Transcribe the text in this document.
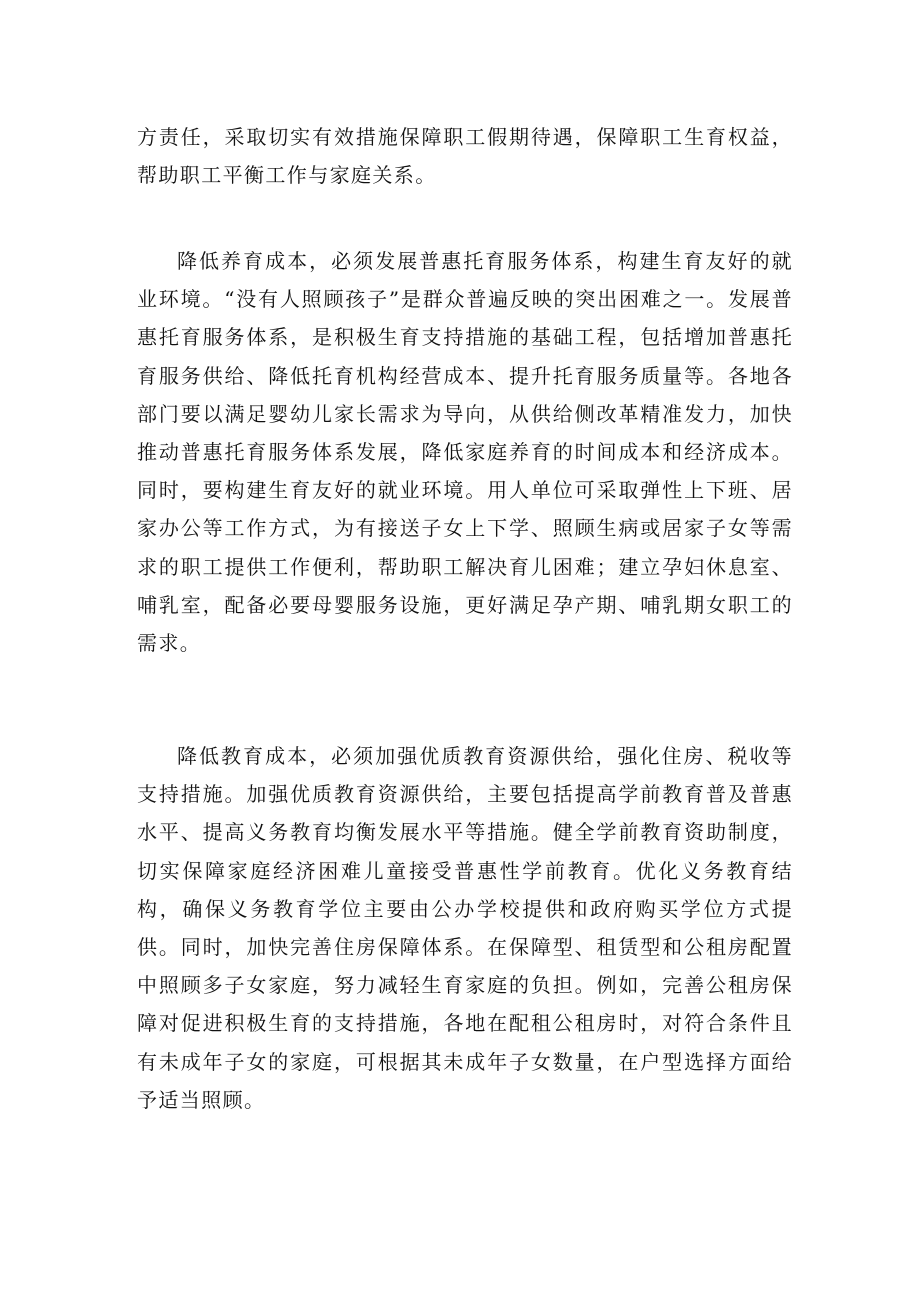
方责任，采取切实有效措施保障职工假期待遇，保障职工生育权益，帮助职工平衡工作与家庭关系。

降低养育成本，必须发展普惠托育服务体系，构建生育友好的就业环境。“没有人照顾孩子”是群众普遍反映的突出困难之一。发展普惠托育服务体系，是积极生育支持措施的基础工程，包括增加普惠托育服务供给、降低托育机构经营成本、提升托育服务质量等。各地各部门要以满足婴幼儿家长需求为导向，从供给侧改革精准发力，加快推动普惠托育服务体系发展，降低家庭养育的时间成本和经济成本。同时，要构建生育友好的就业环境。用人单位可采取弹性上下班、居家办公等工作方式，为有接送子女上下学、照顾生病或居家子女等需求的职工提供工作便利，帮助职工解决育儿困难；建立孕妇休息室、哺乳室，配备必要母婴服务设施，更好满足孕产期、哺乳期女职工的需求。

降低教育成本，必须加强优质教育资源供给，强化住房、税收等支持措施。加强优质教育资源供给，主要包括提高学前教育普及普惠水平、提高义务教育均衡发展水平等措施。健全学前教育资助制度，切实保障家庭经济困难儿童接受普惠性学前教育。优化义务教育结构，确保义务教育学位主要由公办学校提供和政府购买学位方式提供。同时，加快完善住房保障体系。在保障型、租赁型和公租房配置中照顾多子女家庭，努力减轻生育家庭的负担。例如，完善公租房保障对促进积极生育的支持措施，各地在配租公租房时，对符合条件且有未成年子女的家庭，可根据其未成年子女数量，在户型选择方面给予适当照顾。
